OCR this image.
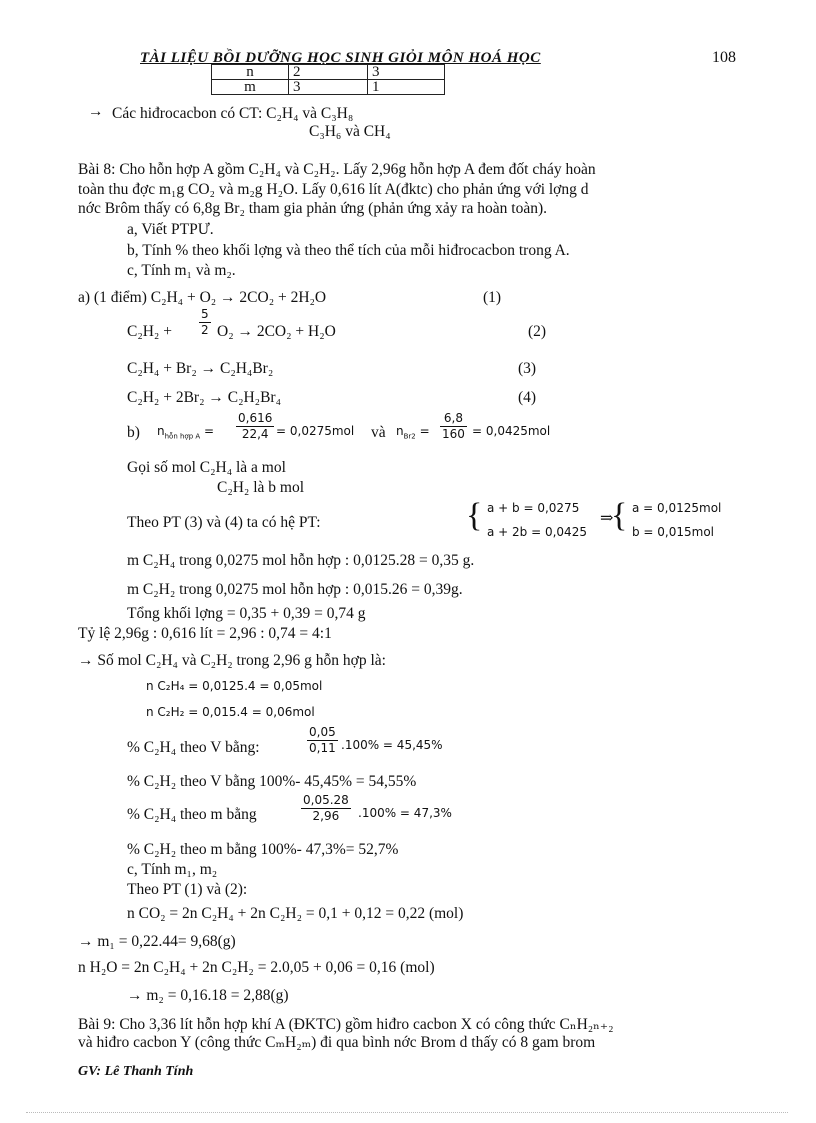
TÀI LIỆU BỒI DƯỠNG HỌC SINH GIỎI MÔN HOÁ HỌC	108
n	2	3
m	3	1
→ Các hiđrocacbon có CT: C₂H₄ và C₃H₈
C₃H₆ và CH₄
Bài 8: Cho hỗn hợp A gồm C₂H₄ và C₂H₂. Lấy 2,96g hỗn hợp A đem đốt cháy hoàn
toàn thu đợc m₁g CO₂ và m₂g H₂O. Lấy 0,616 lít A(đktc) cho phản ứng với lợng d
nớc Brôm thấy có 6,8g Br₂ tham gia phản ứng (phản ứng xảy ra hoàn toàn).
a, Viết PTPƯ.
b, Tính % theo khối lợng và theo thể tích của mỗi hiđrocacbon trong A.
c, Tính m₁ và m₂.
a) (1 điểm) C₂H₄ + O₂ → 2CO₂ + 2H₂O	(1)
$C_2H_2 + \frac{5}{2} O_2 \to 2CO_2 + H_2O$	(2)
C₂H₄ + Br₂ → C₂H₄Br₂	(3)
C₂H₂ + 2Br₂ → C₂H₂Br₄	(4)
b) $n_{hỗn hợp A} = \frac{0,616}{22,4} = 0,0275mol$ và $n_{Br2} = \frac{6,8}{160} = 0,0425mol$
Gọi số mol C₂H₄ là a mol
C₂H₂ là b mol
Theo PT (3) và (4) ta có hệ PT:	{ a + b = 0,0275
a + 2b = 0,0425
⇒
{ a = 0,0125mol
b = 0,015mol
m C₂H₄ trong 0,0275 mol hỗn hợp : 0,0125.28 = 0,35 g.
m C₂H₂ trong 0,0275 mol hỗn hợp : 0,015.26 = 0,39g.
Tổng khối lợng = 0,35 + 0,39 = 0,74 g
Tỷ lệ 2,96g : 0,616 lít = 2,96 : 0,74 = 4:1
→ Số mol C₂H₄ và C₂H₂ trong 2,96 g hỗn hợp là:
n C₂H₄ = 0,0125.4 = 0,05mol
n C₂H₂ = 0,015.4 = 0,06mol
% C₂H₄ theo V bằng:	$\frac{0,05}{0,11} .100\% = 45,45\%$
% C₂H₂ theo V bằng 100%- 45,45% = 54,55%
% C₂H₄ theo m bằng	$\frac{0,05.28}{2,96} .100\% = 47,3\%$
% C₂H₂ theo m bằng 100%- 47,3%= 52,7%
c, Tính m₁, m₂
Theo PT (1) và (2):
n CO₂ = 2n C₂H₄ + 2n C₂H₂ = 0,1 + 0,12 = 0,22 (mol)
→ m₁ = 0,22.44= 9,68(g)
n H₂O = 2n C₂H₄ + 2n C₂H₂ = 2.0,05 + 0,06 = 0,16 (mol)
→ m₂ = 0,16.18 = 2,88(g)
Bài 9: Cho 3,36 lít hỗn hợp khí A (ĐKTC) gồm hiđro cacbon X có công thức CₙH₂ₙ₊₂
và hiđro cacbon Y (công thức CₘH₂ₘ) đi qua bình nớc Brom d thấy có 8 gam brom
GV: Lê Thanh Tính
